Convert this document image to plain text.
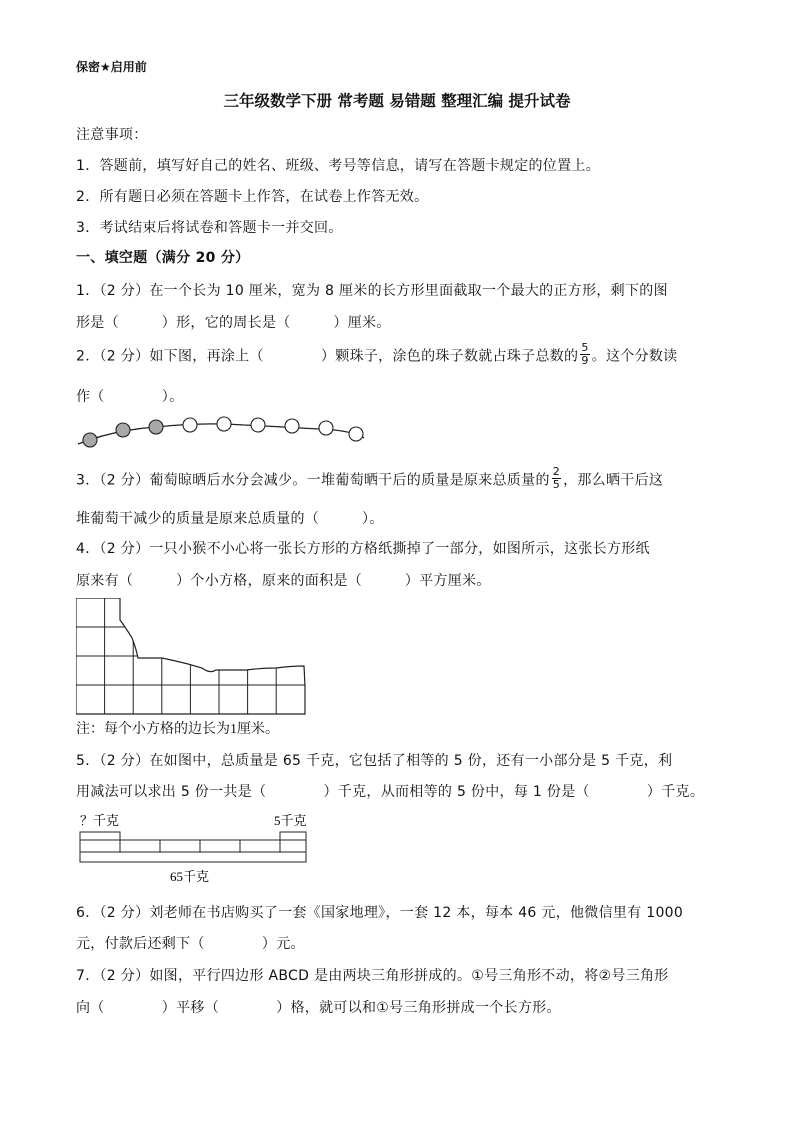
保密★启用前
三年级数学下册 常考题 易错题 整理汇编 提升试卷
注意事项：
1．答题前，填写好自己的姓名、班级、考号等信息，请写在答题卡规定的位置上。
2．所有题日必须在答题卡上作答，在试卷上作答无效。
3．考试结束后将试卷和答题卡一并交回。
一、填空题（满分 20 分）
1．（2 分）在一个长为 10 厘米，宽为 8 厘米的长方形里面截取一个最大的正方形，剩下的图
形是（　　　）形，它的周长是（　　　）厘米。
2．（2 分）如下图，再涂上（　　　　）颗珠子，涂色的珠子数就占珠子总数的 $\frac{5}{9}$ 。这个分数读
作（　　　　）。
3．（2 分）葡萄晾晒后水分会减少。一堆葡萄晒干后的质量是原来总质量的 $\frac{2}{5}$ ，那么晒干后这
堆葡萄干减少的质量是原来总质量的（　　　）。
4．（2 分）一只小猴不小心将一张长方形的方格纸撕掉了一部分，如图所示，这张长方形纸
原来有（　　　）个小方格，原来的面积是（　　　）平方厘米。
注：每个小方格的边长为1厘米。
5．（2 分）在如图中，总质量是 65 千克，它包括了相等的 5 份，还有一小部分是 5 千克，利
用减法可以求出 5 份一共是（　　　　）千克，从而相等的 5 份中，每 1 份是（　　　　）千克。
？千克	5千克
65千克
6．（2 分）刘老师在书店购买了一套《国家地理》，一套 12 本，每本 46 元，他微信里有 1000
元，付款后还剩下（　　　　）元。
7．（2 分）如图，平行四边形 ABCD 是由两块三角形拼成的。①号三角形不动，将②号三角形
向（　　　　）平移（　　　　）格，就可以和①号三角形拼成一个长方形。
